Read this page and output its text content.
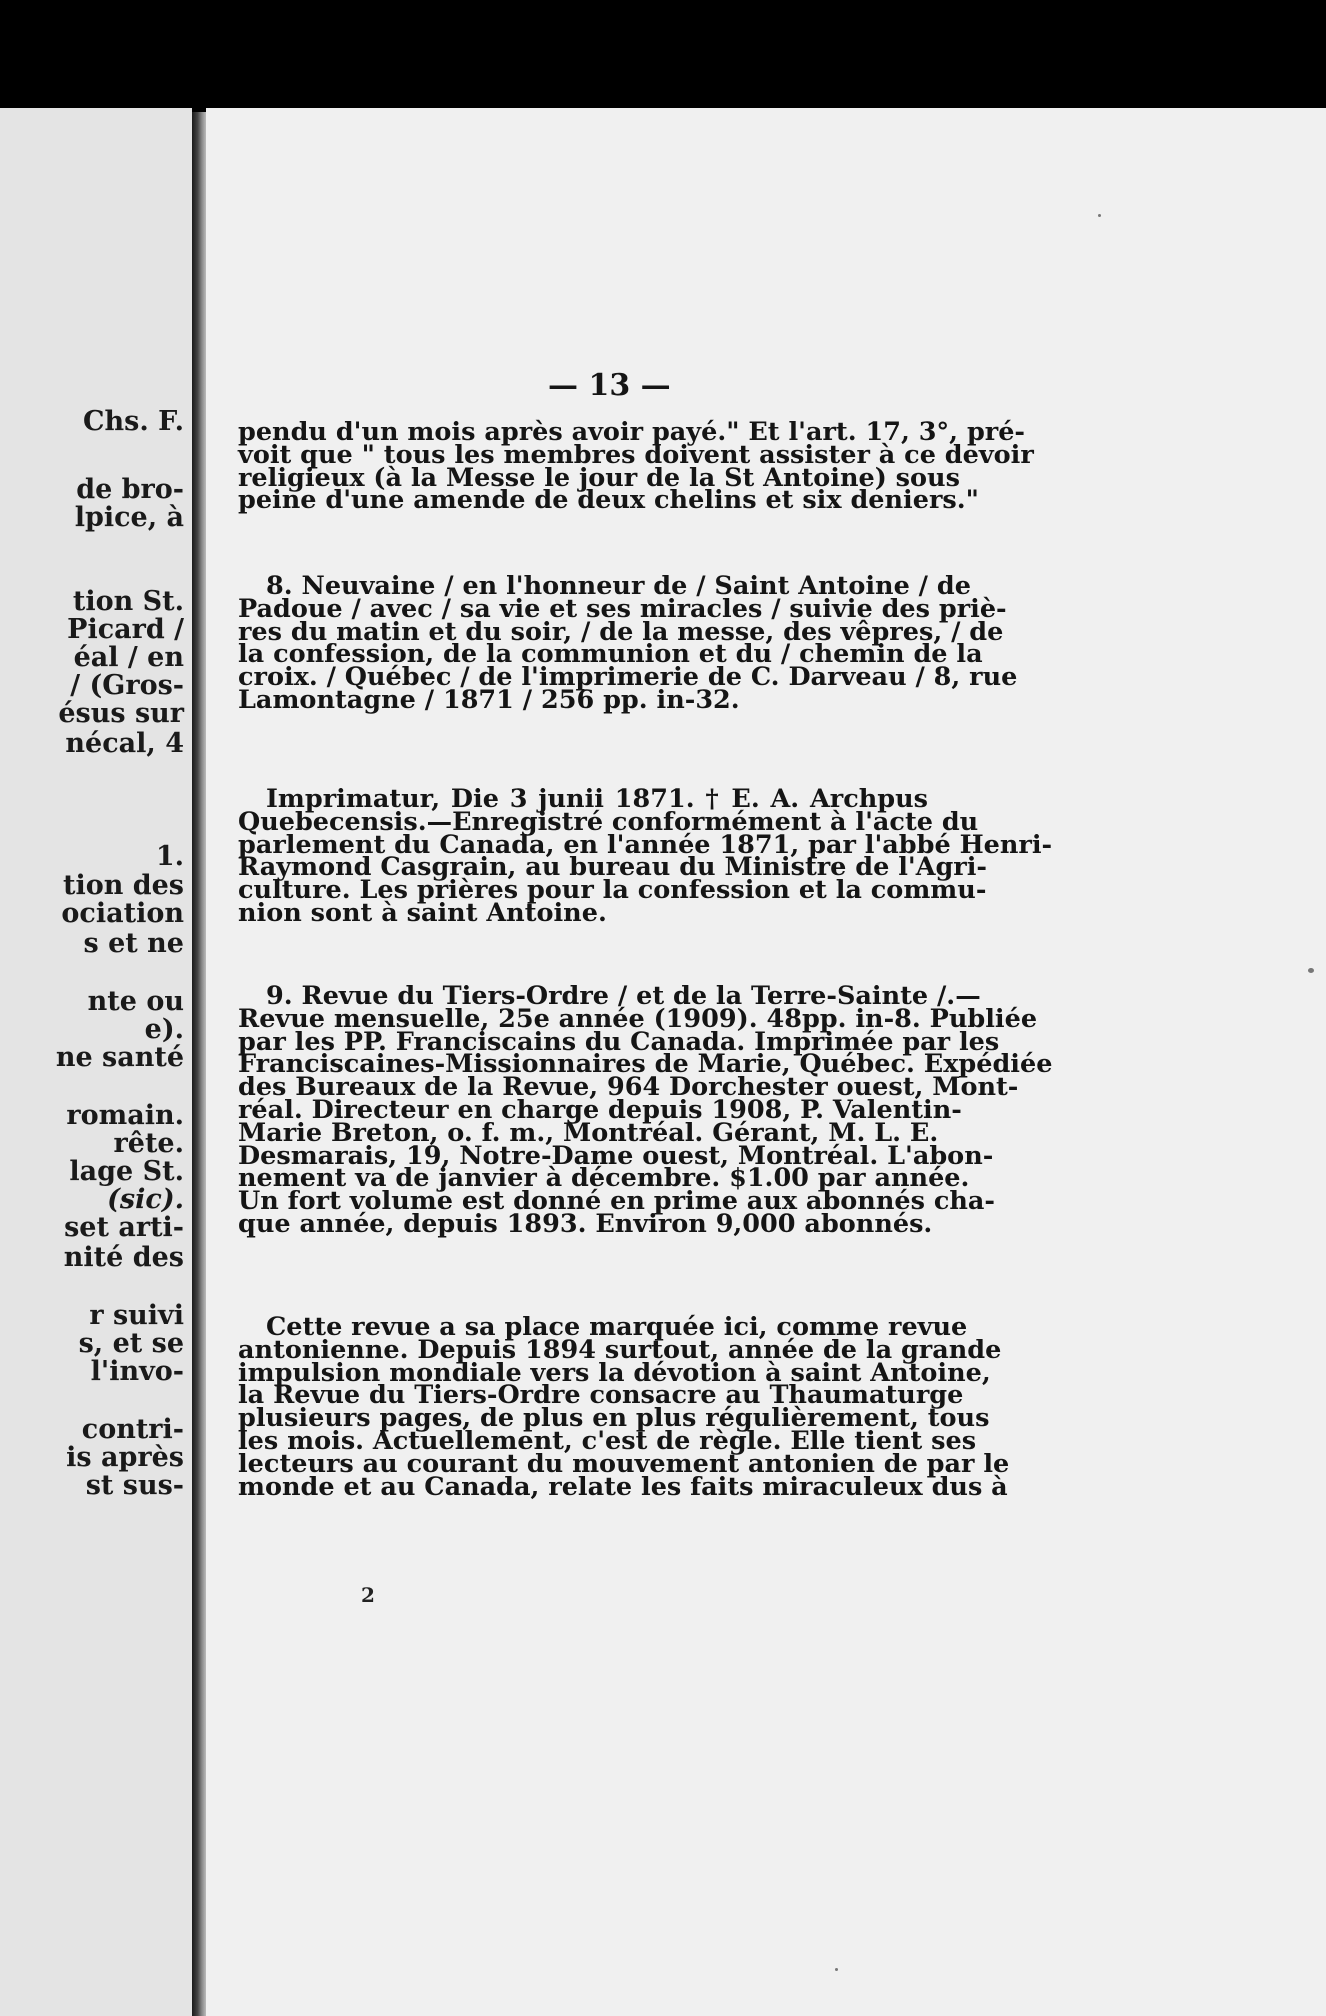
Chs. F.
de bro-
lpice, à
tion St.
Picard /
éal / en
/ (Gros-
ésus sur
nécal, 4
1.
tion des
ociation
s et ne
nte ou
e).
ne santé
romain.
rête.
lage St.
(sic).
set arti-
nité des
r suivi
s, et se
l'invo-
contri-
is après
st sus-
— 13 —
pendu d'un mois après avoir payé." Et l'art. 17, 3°, pré-
voit que " tous les membres doivent assister à ce devoir
religieux (à la Messe le jour de la St Antoine) sous
peine d'une amende de deux chelins et six deniers."
8. Neuvaine / en l'honneur de / Saint Antoine / de
Padoue / avec / sa vie et ses miracles / suivie des priè-
res du matin et du soir, / de la messe, des vêpres, / de
la confession, de la communion et du / chemin de la
croix. / Québec / de l'imprimerie de C. Darveau / 8, rue
Lamontagne / 1871 / 256 pp. in-32.
Imprimatur, Die 3 junii 1871. † E. A. Archpus
Quebecensis.—Enregistré conformément à l'acte du
parlement du Canada, en l'année 1871, par l'abbé Henri-
Raymond Casgrain, au bureau du Ministre de l'Agri-
culture. Les prières pour la confession et la commu-
nion sont à saint Antoine.
9. Revue du Tiers-Ordre / et de la Terre-Sainte /.—
Revue mensuelle, 25e année (1909). 48pp. in-8. Publiée
par les PP. Franciscains du Canada. Imprimée par les
Franciscaines-Missionnaires de Marie, Québec. Expédiée
des Bureaux de la Revue, 964 Dorchester ouest, Mont-
réal. Directeur en charge depuis 1908, P. Valentin-
Marie Breton, o. f. m., Montréal. Gérant, M. L. E.
Desmarais, 19, Notre-Dame ouest, Montréal. L'abon-
nement va de janvier à décembre. $1.00 par année.
Un fort volume est donné en prime aux abonnés cha-
que année, depuis 1893. Environ 9,000 abonnés.
Cette revue a sa place marquée ici, comme revue
antonienne. Depuis 1894 surtout, année de la grande
impulsion mondiale vers la dévotion à saint Antoine,
la Revue du Tiers-Ordre consacre au Thaumaturge
plusieurs pages, de plus en plus régulièrement, tous
les mois. Actuellement, c'est de règle. Elle tient ses
lecteurs au courant du mouvement antonien de par le
monde et au Canada, relate les faits miraculeux dus à
2
